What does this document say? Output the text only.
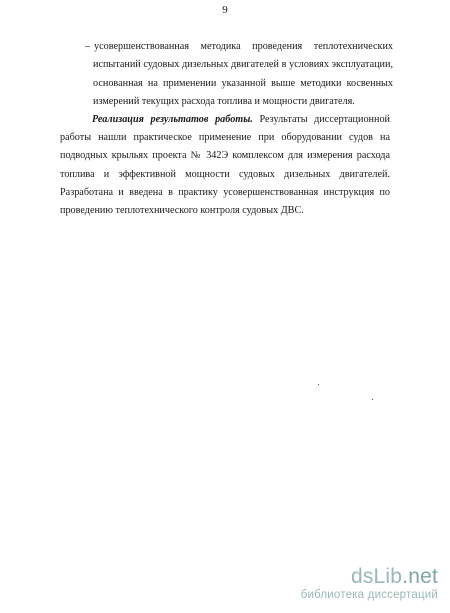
9
– усовершенствованная методика проведения теплотехнических испытаний судовых дизельных двигателей в условиях эксплуатации, основанная на применении указанной выше методики косвенных измерений текущих расхода топлива и мощности двигателя.
Реализация результатов работы. Результаты диссертационной работы нашли практическое применение при оборудовании судов на подводных крыльях проекта № 342Э комплексом для измерения расхода топлива и эффективной мощности судовых дизельных двигателей. Разработана и введена в практику усовершенствованная инструкция по проведению теплотехнического контроля судовых ДВС.
dsLib.net
библиотека диссертаций
